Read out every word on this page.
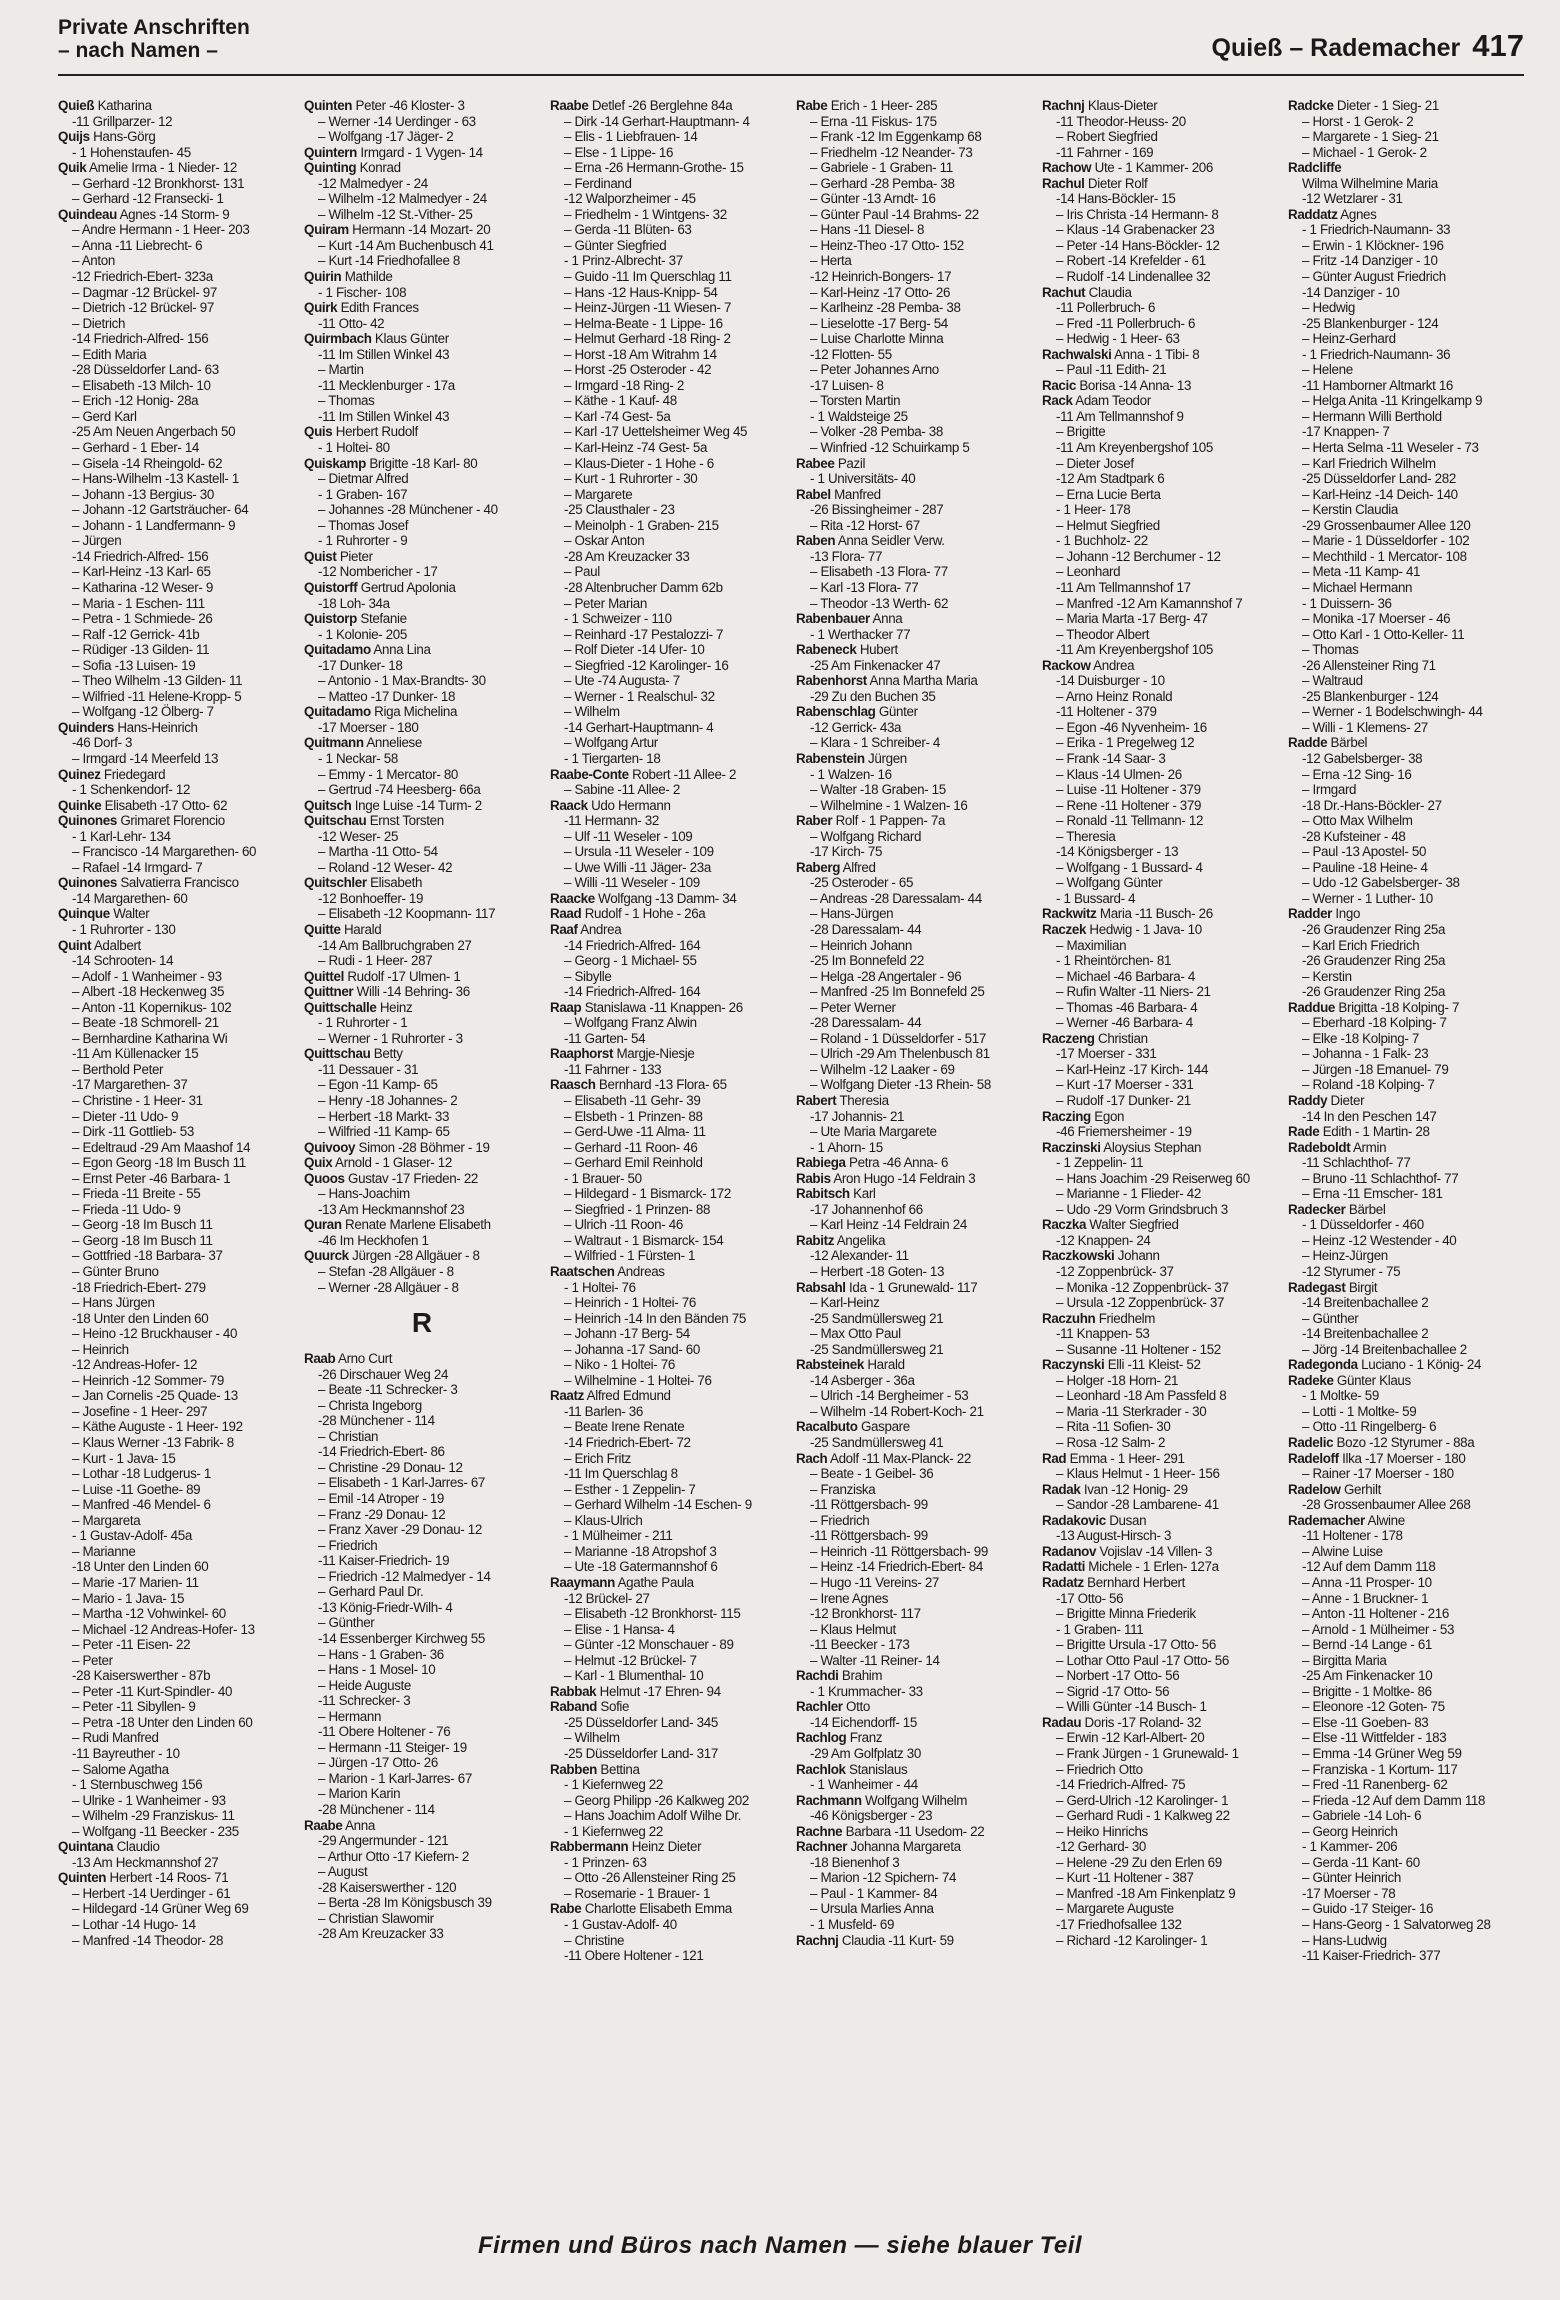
Private Anschriften
– nach Namen –	Quieß – Rademacher 417
Quieß Katharina
-11 Grillparzer- 12
Quijs Hans-Görg
- 1 Hohenstaufen- 45
Quik Amelie Irma - 1 Nieder- 12
– Gerhard -12 Bronkhorst- 131
– Gerhard -12 Fransecki- 1
Quindeau Agnes -14 Storm- 9
– Andre Hermann - 1 Heer- 203
– Anna -11 Liebrecht- 6
– Anton
-12 Friedrich-Ebert- 323a
– Dagmar -12 Brückel- 97
– Dietrich -12 Brückel- 97
– Dietrich
-14 Friedrich-Alfred- 156
– Edith Maria
-28 Düsseldorfer Land- 63
– Elisabeth -13 Milch- 10
– Erich -12 Honig- 28a
– Gerd Karl
-25 Am Neuen Angerbach 50
– Gerhard - 1 Eber- 14
– Gisela -14 Rheingold- 62
– Hans-Wilhelm -13 Kastell- 1
– Johann -13 Bergius- 30
– Johann -12 Gartsträucher- 64
– Johann - 1 Landfermann- 9
– Jürgen
-14 Friedrich-Alfred- 156
– Karl-Heinz -13 Karl- 65
– Katharina -12 Weser- 9
– Maria - 1 Eschen- 111
– Petra - 1 Schmiede- 26
– Ralf -12 Gerrick- 41b
– Rüdiger -13 Gilden- 11
– Sofia -13 Luisen- 19
– Theo Wilhelm -13 Gilden- 11
– Wilfried -11 Helene-Kropp- 5
– Wolfgang -12 Ölberg- 7
Quinders Hans-Heinrich
-46 Dorf- 3
– Irmgard -14 Meerfeld 13
Quinez Friedegard
- 1 Schenkendorf- 12
Quinke Elisabeth -17 Otto- 62
Quinones Grimaret Florencio
- 1 Karl-Lehr- 134
– Francisco -14 Margarethen- 60
– Rafael -14 Irmgard- 7
Quinones Salvatierra Francisco
-14 Margarethen- 60
Quinque Walter
- 1 Ruhrorter - 130
Quint Adalbert
-14 Schrooten- 14
– Adolf - 1 Wanheimer - 93
– Albert -18 Heckenweg 35
– Anton -11 Kopernikus- 102
– Beate -18 Schmorell- 21
– Bernhardine Katharina Wi
-11 Am Küllenacker 15
– Berthold Peter
-17 Margarethen- 37
– Christine - 1 Heer- 31
– Dieter -11 Udo- 9
– Dirk -11 Gottlieb- 53
– Edeltraud -29 Am Maashof 14
– Egon Georg -18 Im Busch 11
– Ernst Peter -46 Barbara- 1
– Frieda -11 Breite - 55
– Frieda -11 Udo- 9
– Georg -18 Im Busch 11
– Georg -18 Im Busch 11
– Gottfried -18 Barbara- 37
– Günter Bruno
-18 Friedrich-Ebert- 279
– Hans Jürgen
-18 Unter den Linden 60
– Heino -12 Bruckhauser - 40
– Heinrich
-12 Andreas-Hofer- 12
– Heinrich -12 Sommer- 79
– Jan Cornelis -25 Quade- 13
– Josefine - 1 Heer- 297
– Käthe Auguste - 1 Heer- 192
– Klaus Werner -13 Fabrik- 8
– Kurt - 1 Java- 15
– Lothar -18 Ludgerus- 1
– Luise -11 Goethe- 89
– Manfred -46 Mendel- 6
– Margareta
- 1 Gustav-Adolf- 45a
– Marianne
-18 Unter den Linden 60
– Marie -17 Marien- 11
– Mario - 1 Java- 15
– Martha -12 Vohwinkel- 60
– Michael -12 Andreas-Hofer- 13
– Peter -11 Eisen- 22
– Peter
-28 Kaiserswerther - 87b
– Peter -11 Kurt-Spindler- 40
– Peter -11 Sibyllen- 9
– Petra -18 Unter den Linden 60
– Rudi Manfred
-11 Bayreuther - 10
– Salome Agatha
- 1 Sternbuschweg 156
– Ulrike - 1 Wanheimer - 93
– Wilhelm -29 Franziskus- 11
– Wolfgang -11 Beecker - 235
Quintana Claudio
-13 Am Heckmannshof 27
Quinten Herbert -14 Roos- 71
– Herbert -14 Uerdinger - 61
– Hildegard -14 Grüner Weg 69
– Lothar -14 Hugo- 14
– Manfred -14 Theodor- 28
Quinten Peter -46 Kloster- 3
– Werner -14 Uerdinger - 63
– Wolfgang -17 Jäger- 2
Quintern Irmgard - 1 Vygen- 14
Quinting Konrad
-12 Malmedyer - 24
– Wilhelm -12 Malmedyer - 24
– Wilhelm -12 St.-Vither- 25
Quiram Hermann -14 Mozart- 20
– Kurt -14 Am Buchenbusch 41
– Kurt -14 Friedhofallee 8
Quirin Mathilde
- 1 Fischer- 108
Quirk Edith Frances
-11 Otto- 42
Quirmbach Klaus Günter
-11 Im Stillen Winkel 43
– Martin
-11 Mecklenburger - 17a
– Thomas
-11 Im Stillen Winkel 43
Quis Herbert Rudolf
- 1 Holtei- 80
Quiskamp Brigitte -18 Karl- 80
– Dietmar Alfred
- 1 Graben- 167
– Johannes -28 Münchener - 40
– Thomas Josef
- 1 Ruhrorter - 9
Quist Pieter
-12 Nombericher - 17
Quistorff Gertrud Apolonia
-18 Loh- 34a
Quistorp Stefanie
- 1 Kolonie- 205
Quitadamo Anna Lina
-17 Dunker- 18
– Antonio - 1 Max-Brandts- 30
– Matteo -17 Dunker- 18
Quitadamo Riga Michelina
-17 Moerser - 180
Quitmann Anneliese
- 1 Neckar- 58
– Emmy - 1 Mercator- 80
– Gertrud -74 Heesberg- 66a
Quitsch Inge Luise -14 Turm- 2
Quitschau Ernst Torsten
-12 Weser- 25
– Martha -11 Otto- 54
– Roland -12 Weser- 42
Quitschler Elisabeth
-12 Bonhoeffer- 19
– Elisabeth -12 Koopmann- 117
Quitte Harald
-14 Am Ballbruchgraben 27
– Rudi - 1 Heer- 287
Quittel Rudolf -17 Ulmen- 1
Quittner Willi -14 Behring- 36
Quittschalle Heinz
- 1 Ruhrorter - 1
– Werner - 1 Ruhrorter - 3
Quittschau Betty
-11 Dessauer - 31
– Egon -11 Kamp- 65
– Henry -18 Johannes- 2
– Herbert -18 Markt- 33
– Wilfried -11 Kamp- 65
Quivooy Simon -28 Böhmer - 19
Quix Arnold - 1 Glaser- 12
Quoos Gustav -17 Frieden- 22
– Hans-Joachim
-13 Am Heckmannshof 23
Quran Renate Marlene Elisabeth
-46 Im Heckhofen 1
Quurck Jürgen -28 Allgäuer - 8
– Stefan -28 Allgäuer - 8
– Werner -28 Allgäuer - 8
R
Raab Arno Curt
-26 Dirschauer Weg 24
– Beate -11 Schrecker- 3
– Christa Ingeborg
-28 Münchener - 114
– Christian
-14 Friedrich-Ebert- 86
– Christine -29 Donau- 12
– Elisabeth - 1 Karl-Jarres- 67
– Emil -14 Atroper - 19
– Franz -29 Donau- 12
– Franz Xaver -29 Donau- 12
– Friedrich
-11 Kaiser-Friedrich- 19
– Friedrich -12 Malmedyer - 14
– Gerhard Paul Dr.
-13 König-Friedr-Wilh- 4
– Günther
-14 Essenberger Kirchweg 55
– Hans - 1 Graben- 36
– Hans - 1 Mosel- 10
– Heide Auguste
-11 Schrecker- 3
– Hermann
-11 Obere Holtener - 76
– Hermann -11 Steiger- 19
– Jürgen -17 Otto- 26
– Marion - 1 Karl-Jarres- 67
– Marion Karin
-28 Münchener - 114
Raabe Anna
-29 Angermunder - 121
– Arthur Otto -17 Kiefern- 2
– August
-28 Kaiserswerther - 120
– Berta -28 Im Königsbusch 39
– Christian Slawomir
-28 Am Kreuzacker 33
Raabe Detlef -26 Berglehne 84a
– Dirk -14 Gerhart-Hauptmann- 4
– Elis - 1 Liebfrauen- 14
– Else - 1 Lippe- 16
– Erna -26 Hermann-Grothe- 15
– Ferdinand
-12 Walporzheimer - 45
– Friedhelm - 1 Wintgens- 32
– Gerda -11 Blüten- 63
– Günter Siegfried
- 1 Prinz-Albrecht- 37
– Guido -11 Im Querschlag 11
– Hans -12 Haus-Knipp- 54
– Heinz-Jürgen -11 Wiesen- 7
– Helma-Beate - 1 Lippe- 16
– Helmut Gerhard -18 Ring- 2
– Horst -18 Am Witrahm 14
– Horst -25 Osteroder - 42
– Irmgard -18 Ring- 2
– Käthe - 1 Kauf- 48
– Karl -74 Gest- 5a
– Karl -17 Uettelsheimer Weg 45
– Karl-Heinz -74 Gest- 5a
– Klaus-Dieter - 1 Hohe - 6
– Kurt - 1 Ruhrorter - 30
– Margarete
-25 Clausthaler - 23
– Meinolph - 1 Graben- 215
– Oskar Anton
-28 Am Kreuzacker 33
– Paul
-28 Altenbrucher Damm 62b
– Peter Marian
- 1 Schweizer - 110
– Reinhard -17 Pestalozzi- 7
– Rolf Dieter -14 Ufer- 10
– Siegfried -12 Karolinger- 16
– Ute -74 Augusta- 7
– Werner - 1 Realschul- 32
– Wilhelm
-14 Gerhart-Hauptmann- 4
– Wolfgang Artur
- 1 Tiergarten- 18
Raabe-Conte Robert -11 Allee- 2
– Sabine -11 Allee- 2
Raack Udo Hermann
-11 Hermann- 32
– Ulf -11 Weseler - 109
– Ursula -11 Weseler - 109
– Uwe Willi -11 Jäger- 23a
– Willi -11 Weseler - 109
Raacke Wolfgang -13 Damm- 34
Raad Rudolf - 1 Hohe - 26a
Raaf Andrea
-14 Friedrich-Alfred- 164
– Georg - 1 Michael- 55
– Sibylle
-14 Friedrich-Alfred- 164
Raap Stanislawa -11 Knappen- 26
– Wolfgang Franz Alwin
-11 Garten- 54
Raaphorst Margje-Niesje
-11 Fahrner - 133
Raasch Bernhard -13 Flora- 65
– Elisabeth -11 Gehr- 39
– Elsbeth - 1 Prinzen- 88
– Gerd-Uwe -11 Alma- 11
– Gerhard -11 Roon- 46
– Gerhard Emil Reinhold
- 1 Brauer- 50
– Hildegard - 1 Bismarck- 172
– Siegfried - 1 Prinzen- 88
– Ulrich -11 Roon- 46
– Waltraut - 1 Bismarck- 154
– Wilfried - 1 Fürsten- 1
Raatschen Andreas
- 1 Holtei- 76
– Heinrich - 1 Holtei- 76
– Heinrich -14 In den Bänden 75
– Johann -17 Berg- 54
– Johanna -17 Sand- 60
– Niko - 1 Holtei- 76
– Wilhelmine - 1 Holtei- 76
Raatz Alfred Edmund
-11 Barlen- 36
– Beate Irene Renate
-14 Friedrich-Ebert- 72
– Erich Fritz
-11 Im Querschlag 8
– Esther - 1 Zeppelin- 7
– Gerhard Wilhelm -14 Eschen- 9
– Klaus-Ulrich
- 1 Mülheimer - 211
– Marianne -18 Atropshof 3
– Ute -18 Gatermannshof 6
Raaymann Agathe Paula
-12 Brückel- 27
– Elisabeth -12 Bronkhorst- 115
– Elise - 1 Hansa- 4
– Günter -12 Monschauer - 89
– Helmut -12 Brückel- 7
– Karl - 1 Blumenthal- 10
Rabbak Helmut -17 Ehren- 94
Raband Sofie
-25 Düsseldorfer Land- 345
– Wilhelm
-25 Düsseldorfer Land- 317
Rabben Bettina
- 1 Kiefernweg 22
– Georg Philipp -26 Kalkweg 202
– Hans Joachim Adolf Wilhe Dr.
- 1 Kiefernweg 22
Rabbermann Heinz Dieter
- 1 Prinzen- 63
– Otto -26 Allensteiner Ring 25
– Rosemarie - 1 Brauer- 1
Rabe Charlotte Elisabeth Emma
- 1 Gustav-Adolf- 40
– Christine
-11 Obere Holtener - 121
Rabe Erich - 1 Heer- 285
– Erna -11 Fiskus- 175
– Frank -12 Im Eggenkamp 68
– Friedhelm -12 Neander- 73
– Gabriele - 1 Graben- 11
– Gerhard -28 Pemba- 38
– Günter -13 Arndt- 16
– Günter Paul -14 Brahms- 22
– Hans -11 Diesel- 8
– Heinz-Theo -17 Otto- 152
– Herta
-12 Heinrich-Bongers- 17
– Karl-Heinz -17 Otto- 26
– Karlheinz -28 Pemba- 38
– Lieselotte -17 Berg- 54
– Luise Charlotte Minna
-12 Flotten- 55
– Peter Johannes Arno
-17 Luisen- 8
– Torsten Martin
- 1 Waldsteige 25
– Volker -28 Pemba- 38
– Winfried -12 Schuirkamp 5
Rabee Pazil
- 1 Universitäts- 40
Rabel Manfred
-26 Bissingheimer - 287
– Rita -12 Horst- 67
Raben Anna Seidler Verw.
-13 Flora- 77
– Elisabeth -13 Flora- 77
– Karl -13 Flora- 77
– Theodor -13 Werth- 62
Rabenbauer Anna
- 1 Werthacker 77
Rabeneck Hubert
-25 Am Finkenacker 47
Rabenhorst Anna Martha Maria
-29 Zu den Buchen 35
Rabenschlag Günter
-12 Gerrick- 43a
– Klara - 1 Schreiber- 4
Rabenstein Jürgen
- 1 Walzen- 16
– Walter -18 Graben- 15
– Wilhelmine - 1 Walzen- 16
Raber Rolf - 1 Pappen- 7a
– Wolfgang Richard
-17 Kirch- 75
Raberg Alfred
-25 Osteroder - 65
– Andreas -28 Daressalam- 44
– Hans-Jürgen
-28 Daressalam- 44
– Heinrich Johann
-25 Im Bonnefeld 22
– Helga -28 Angertaler - 96
– Manfred -25 Im Bonnefeld 25
– Peter Werner
-28 Daressalam- 44
– Roland - 1 Düsseldorfer - 517
– Ulrich -29 Am Thelenbusch 81
– Wilhelm -12 Laaker - 69
– Wolfgang Dieter -13 Rhein- 58
Rabert Theresia
-17 Johannis- 21
– Ute Maria Margarete
- 1 Ahorn- 15
Rabiega Petra -46 Anna- 6
Rabis Aron Hugo -14 Feldrain 3
Rabitsch Karl
-17 Johannenhof 66
– Karl Heinz -14 Feldrain 24
Rabitz Angelika
-12 Alexander- 11
– Herbert -18 Goten- 13
Rabsahl Ida - 1 Grunewald- 117
– Karl-Heinz
-25 Sandmüllersweg 21
– Max Otto Paul
-25 Sandmüllersweg 21
Rabsteinek Harald
-14 Asberger - 36a
– Ulrich -14 Bergheimer - 53
– Wilhelm -14 Robert-Koch- 21
Racalbuto Gaspare
-25 Sandmüllersweg 41
Rach Adolf -11 Max-Planck- 22
– Beate - 1 Geibel- 36
– Franziska
-11 Röttgersbach- 99
– Friedrich
-11 Röttgersbach- 99
– Heinrich -11 Röttgersbach- 99
– Heinz -14 Friedrich-Ebert- 84
– Hugo -11 Vereins- 27
– Irene Agnes
-12 Bronkhorst- 117
– Klaus Helmut
-11 Beecker - 173
– Walter -11 Reiner- 14
Rachdi Brahim
- 1 Krummacher- 33
Rachler Otto
-14 Eichendorff- 15
Rachlog Franz
-29 Am Golfplatz 30
Rachlok Stanislaus
- 1 Wanheimer - 44
Rachmann Wolfgang Wilhelm
-46 Königsberger - 23
Rachne Barbara -11 Usedom- 22
Rachner Johanna Margareta
-18 Bienenhof 3
– Marion -12 Spichern- 74
– Paul - 1 Kammer- 84
– Ursula Marlies Anna
- 1 Musfeld- 69
Rachnj Claudia -11 Kurt- 59
Rachnj Klaus-Dieter
-11 Theodor-Heuss- 20
– Robert Siegfried
-11 Fahrner - 169
Rachow Ute - 1 Kammer- 206
Rachul Dieter Rolf
-14 Hans-Böckler- 15
– Iris Christa -14 Hermann- 8
– Klaus -14 Grabenacker 23
– Peter -14 Hans-Böckler- 12
– Robert -14 Krefelder - 61
– Rudolf -14 Lindenallee 32
Rachut Claudia
-11 Pollerbruch- 6
– Fred -11 Pollerbruch- 6
– Hedwig - 1 Heer- 63
Rachwalski Anna - 1 Tibi- 8
– Paul -11 Edith- 21
Racic Borisa -14 Anna- 13
Rack Adam Teodor
-11 Am Tellmannshof 9
– Brigitte
-11 Am Kreyenbergshof 105
– Dieter Josef
-12 Am Stadtpark 6
– Erna Lucie Berta
- 1 Heer- 178
– Helmut Siegfried
- 1 Buchholz- 22
– Johann -12 Berchumer - 12
– Leonhard
-11 Am Tellmannshof 17
– Manfred -12 Am Kamannshof 7
– Maria Marta -17 Berg- 47
– Theodor Albert
-11 Am Kreyenbergshof 105
Rackow Andrea
-14 Duisburger - 10
– Arno Heinz Ronald
-11 Holtener - 379
– Egon -46 Nyvenheim- 16
– Erika - 1 Pregelweg 12
– Frank -14 Saar- 3
– Klaus -14 Ulmen- 26
– Luise -11 Holtener - 379
– Rene -11 Holtener - 379
– Ronald -11 Tellmann- 12
– Theresia
-14 Königsberger - 13
– Wolfgang - 1 Bussard- 4
– Wolfgang Günter
- 1 Bussard- 4
Rackwitz Maria -11 Busch- 26
Raczek Hedwig - 1 Java- 10
– Maximilian
- 1 Rheintörchen- 81
– Michael -46 Barbara- 4
– Rufin Walter -11 Niers- 21
– Thomas -46 Barbara- 4
– Werner -46 Barbara- 4
Raczeng Christian
-17 Moerser - 331
– Karl-Heinz -17 Kirch- 144
– Kurt -17 Moerser - 331
– Rudolf -17 Dunker- 21
Raczing Egon
-46 Friemersheimer - 19
Raczinski Aloysius Stephan
- 1 Zeppelin- 11
– Hans Joachim -29 Reiserweg 60
– Marianne - 1 Flieder- 42
– Udo -29 Vorm Grindsbruch 3
Raczka Walter Siegfried
-12 Knappen- 24
Raczkowski Johann
-12 Zoppenbrück- 37
– Monika -12 Zoppenbrück- 37
– Ursula -12 Zoppenbrück- 37
Raczuhn Friedhelm
-11 Knappen- 53
– Susanne -11 Holtener - 152
Raczynski Elli -11 Kleist- 52
– Holger -18 Horn- 21
– Leonhard -18 Am Passfeld 8
– Maria -11 Sterkrader - 30
– Rita -11 Sofien- 30
– Rosa -12 Salm- 2
Rad Emma - 1 Heer- 291
– Klaus Helmut - 1 Heer- 156
Radak Ivan -12 Honig- 29
– Sandor -28 Lambarene- 41
Radakovic Dusan
-13 August-Hirsch- 3
Radanov Vojislav -14 Villen- 3
Radatti Michele - 1 Erlen- 127a
Radatz Bernhard Herbert
-17 Otto- 56
– Brigitte Minna Friederik
- 1 Graben- 111
– Brigitte Ursula -17 Otto- 56
– Lothar Otto Paul -17 Otto- 56
– Norbert -17 Otto- 56
– Sigrid -17 Otto- 56
– Willi Günter -14 Busch- 1
Radau Doris -17 Roland- 32
– Erwin -12 Karl-Albert- 20
– Frank Jürgen - 1 Grunewald- 1
– Friedrich Otto
-14 Friedrich-Alfred- 75
– Gerd-Ulrich -12 Karolinger- 1
– Gerhard Rudi - 1 Kalkweg 22
– Heiko Hinrichs
-12 Gerhard- 30
– Helene -29 Zu den Erlen 69
– Kurt -11 Holtener - 387
– Manfred -18 Am Finkenplatz 9
– Margarete Auguste
-17 Friedhofsallee 132
– Richard -12 Karolinger- 1
Radcke Dieter - 1 Sieg- 21
– Horst - 1 Gerok- 2
– Margarete - 1 Sieg- 21
– Michael - 1 Gerok- 2
Radcliffe
Wilma Wilhelmine Maria
-12 Wetzlarer - 31
Raddatz Agnes
- 1 Friedrich-Naumann- 33
– Erwin - 1 Klöckner- 196
– Fritz -14 Danziger - 10
– Günter August Friedrich
-14 Danziger - 10
– Hedwig
-25 Blankenburger - 124
– Heinz-Gerhard
- 1 Friedrich-Naumann- 36
– Helene
-11 Hamborner Altmarkt 16
– Helga Anita -11 Kringelkamp 9
– Hermann Willi Berthold
-17 Knappen- 7
– Herta Selma -11 Weseler - 73
– Karl Friedrich Wilhelm
-25 Düsseldorfer Land- 282
– Karl-Heinz -14 Deich- 140
– Kerstin Claudia
-29 Grossenbaumer Allee 120
– Marie - 1 Düsseldorfer - 102
– Mechthild - 1 Mercator- 108
– Meta -11 Kamp- 41
– Michael Hermann
- 1 Duissern- 36
– Monika -17 Moerser - 46
– Otto Karl - 1 Otto-Keller- 11
– Thomas
-26 Allensteiner Ring 71
– Waltraud
-25 Blankenburger - 124
– Werner - 1 Bodelschwingh- 44
– Willi - 1 Klemens- 27
Radde Bärbel
-12 Gabelsberger- 38
– Erna -12 Sing- 16
– Irmgard
-18 Dr.-Hans-Böckler- 27
– Otto Max Wilhelm
-28 Kufsteiner - 48
– Paul -13 Apostel- 50
– Pauline -18 Heine- 4
– Udo -12 Gabelsberger- 38
– Werner - 1 Luther- 10
Radder Ingo
-26 Graudenzer Ring 25a
– Karl Erich Friedrich
-26 Graudenzer Ring 25a
– Kerstin
-26 Graudenzer Ring 25a
Raddue Brigitta -18 Kolping- 7
– Eberhard -18 Kolping- 7
– Elke -18 Kolping- 7
– Johanna - 1 Falk- 23
– Jürgen -18 Emanuel- 79
– Roland -18 Kolping- 7
Raddy Dieter
-14 In den Peschen 147
Rade Edith - 1 Martin- 28
Radeboldt Armin
-11 Schlachthof- 77
– Bruno -11 Schlachthof- 77
– Erna -11 Emscher- 181
Radecker Bärbel
- 1 Düsseldorfer - 460
– Heinz -12 Westender - 40
– Heinz-Jürgen
-12 Styrumer - 75
Radegast Birgit
-14 Breitenbachallee 2
– Günther
-14 Breitenbachallee 2
– Jörg -14 Breitenbachallee 2
Radegonda Luciano - 1 König- 24
Radeke Günter Klaus
- 1 Moltke- 59
– Lotti - 1 Moltke- 59
– Otto -11 Ringelberg- 6
Radelic Bozo -12 Styrumer - 88a
Radeloff Ilka -17 Moerser - 180
– Rainer -17 Moerser - 180
Radelow Gerhilt
-28 Grossenbaumer Allee 268
Rademacher Alwine
-11 Holtener - 178
– Alwine Luise
-12 Auf dem Damm 118
– Anna -11 Prosper- 10
– Anne - 1 Bruckner- 1
– Anton -11 Holtener - 216
– Arnold - 1 Mülheimer - 53
– Bernd -14 Lange - 61
– Birgitta Maria
-25 Am Finkenacker 10
– Brigitte - 1 Moltke- 86
– Eleonore -12 Goten- 75
– Else -11 Goeben- 83
– Else -11 Wittfelder - 183
– Emma -14 Grüner Weg 59
– Franziska - 1 Kortum- 117
– Fred -11 Ranenberg- 62
– Frieda -12 Auf dem Damm 118
– Gabriele -14 Loh- 6
– Georg Heinrich
- 1 Kammer- 206
– Gerda -11 Kant- 60
– Günter Heinrich
-17 Moerser - 78
– Guido -17 Steiger- 16
– Hans-Georg - 1 Salvatorweg 28
– Hans-Ludwig
-11 Kaiser-Friedrich- 377
Firmen und Büros nach Namen — siehe blauer Teil
